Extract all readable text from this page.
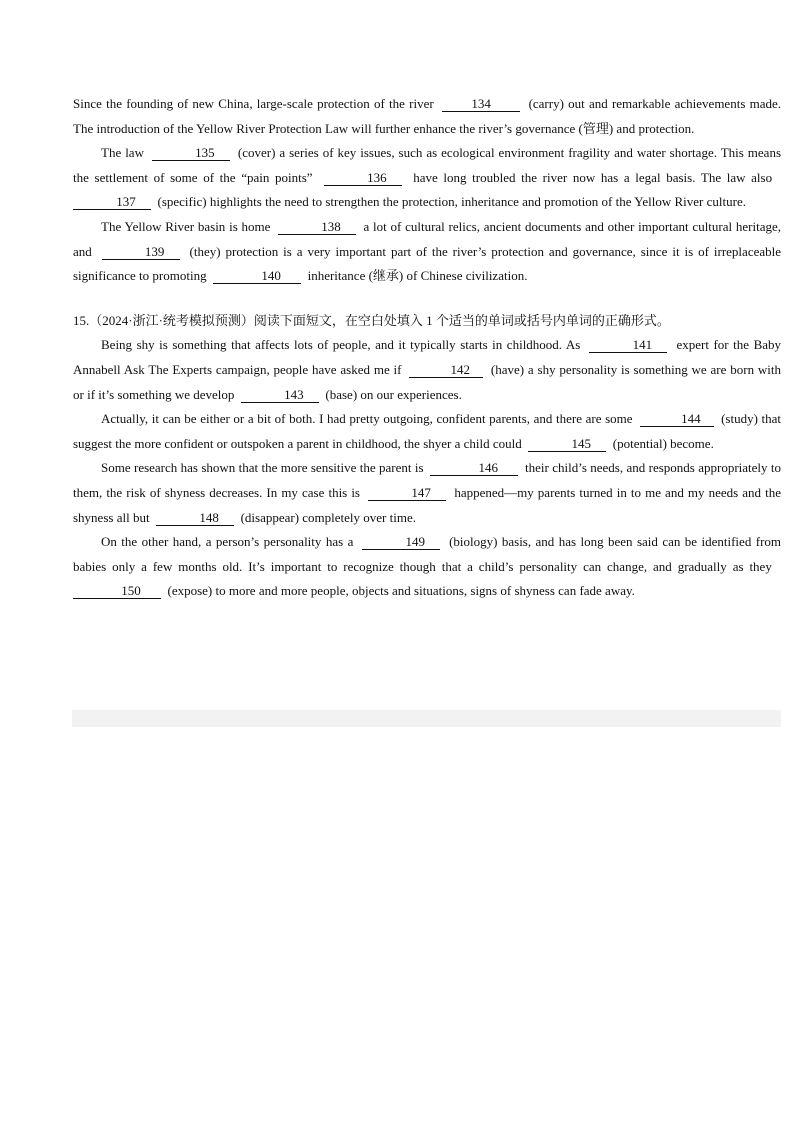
Since the founding of new China, large-scale protection of the river	134	(carry) out and remarkable achievements made. The introduction of the Yellow River Protection Law will further enhance the river’s governance (管理) and protection.

The law	135 (cover) a series of key issues, such as ecological environment fragility and water shortage. This means the settlement of some of the “pain points”	136 have long troubled the river now has a legal basis. The law also  137 (specific) highlights the need to strengthen the protection, inheritance and promotion of the Yellow River culture.

The Yellow River basin is home	138 a lot of cultural relics, ancient documents and other important cultural heritage, and	139 (they) protection is a very important part of the river’s protection and governance, since it is of irreplaceable significance to promoting	140 inheritance (继承) of Chinese civilization.

15.（2024·浙江·统考模拟预测）阅读下面短文，在空白处填入 1 个适当的单词或括号内单词的正确形式。

Being shy is something that affects lots of people, and it typically starts in childhood. As	141 expert for the Baby Annabell Ask The Experts campaign, people have asked me if	142 (have) a shy personality is something we are born with or if it’s something we develop	143 (base) on our experiences.

Actually, it can be either or a bit of both. I had pretty outgoing, confident parents, and there are some	144 (study) that suggest the more confident or outspoken a parent in childhood, the shyer a child could	145 (potential) become.

Some research has shown that the more sensitive the parent is	146 their child’s needs, and responds appropriately to them, the risk of shyness decreases. In my case this is	147 happened—my parents turned in to me and my needs and the shyness all but	148 (disappear) completely over time.

On the other hand, a person’s personality has a	149 (biology) basis, and has long been said can be identified from babies only a few months old. It’s important to recognize though that a child’s personality can change, and gradually as they  150 (expose) to more and more people, objects and situations, signs of shyness can fade away.
